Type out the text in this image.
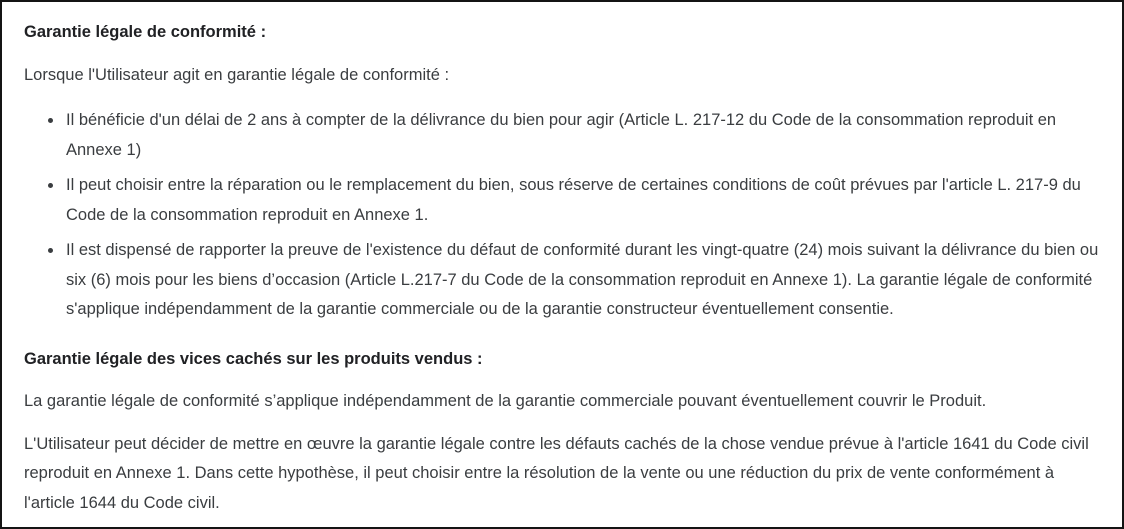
Garantie légale de conformité :

Lorsque l'Utilisateur agit en garantie légale de conformité :

• Il bénéficie d'un délai de 2 ans à compter de la délivrance du bien pour agir (Article L. 217-12 du Code de la consommation reproduit en Annexe 1)
• Il peut choisir entre la réparation ou le remplacement du bien, sous réserve de certaines conditions de coût prévues par l'article L. 217-9 du Code de la consommation reproduit en Annexe 1.
• Il est dispensé de rapporter la preuve de l'existence du défaut de conformité durant les vingt-quatre (24) mois suivant la délivrance du bien ou six (6) mois pour les biens d’occasion (Article L.217-7 du Code de la consommation reproduit en Annexe 1). La garantie légale de conformité s'applique indépendamment de la garantie commerciale ou de la garantie constructeur éventuellement consentie.
Garantie légale des vices cachés sur les produits vendus :

La garantie légale de conformité s’applique indépendamment de la garantie commerciale pouvant éventuellement couvrir le Produit.

L'Utilisateur peut décider de mettre en œuvre la garantie légale contre les défauts cachés de la chose vendue prévue à l'article 1641 du Code civil reproduit en Annexe 1. Dans cette hypothèse, il peut choisir entre la résolution de la vente ou une réduction du prix de vente conformément à l'article 1644 du Code civil.
